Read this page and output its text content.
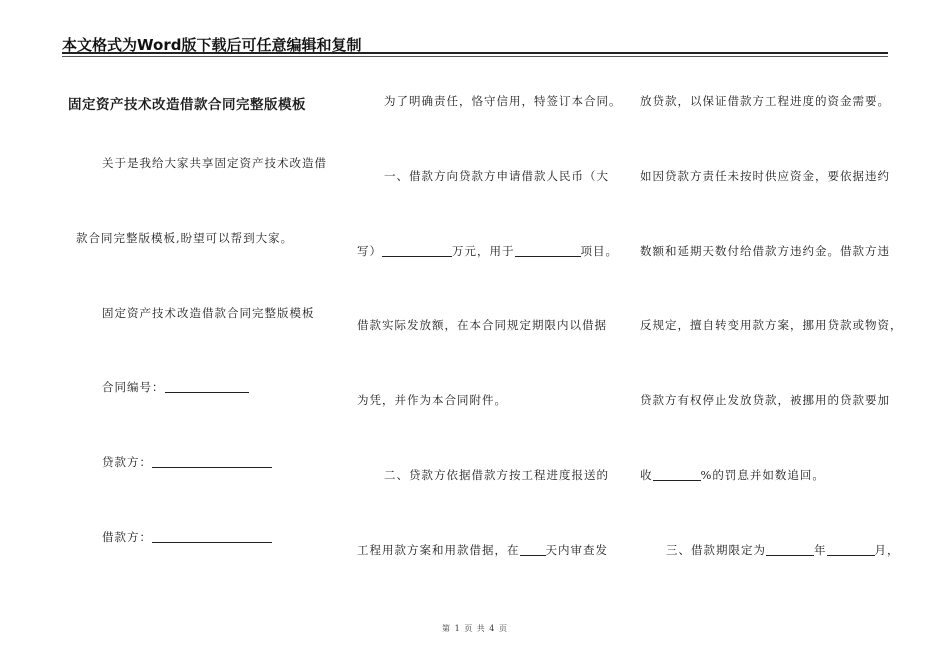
本文格式为Word版下载后可任意编辑和复制
固定资产技术改造借款合同完整版模板
关于是我给大家共享固定资产技术改造借
款合同完整版模板,盼望可以帮到大家。
固定资产技术改造借款合同完整版模板
合同编号：
贷款方：
借款方：
为了明确责任，恪守信用，特签订本合同。
一、借款方向贷款方申请借款人民币（大
写）	万元，用于	项目。
借款实际发放额，在本合同规定期限内以借据
为凭，并作为本合同附件。
二、贷款方依据借款方按工程进度报送的
工程用款方案和用款借据，在 天内审查发
放贷款，以保证借款方工程进度的资金需要。
如因贷款方责任未按时供应资金，要依据违约
数额和延期天数付给借款方违约金。借款方违
反规定，擅自转变用款方案，挪用贷款或物资，
贷款方有权停止发放贷款，被挪用的贷款要加
收	%的罚息并如数追回。
三、借款期限定为	年	月，
第 1 页 共 4 页
